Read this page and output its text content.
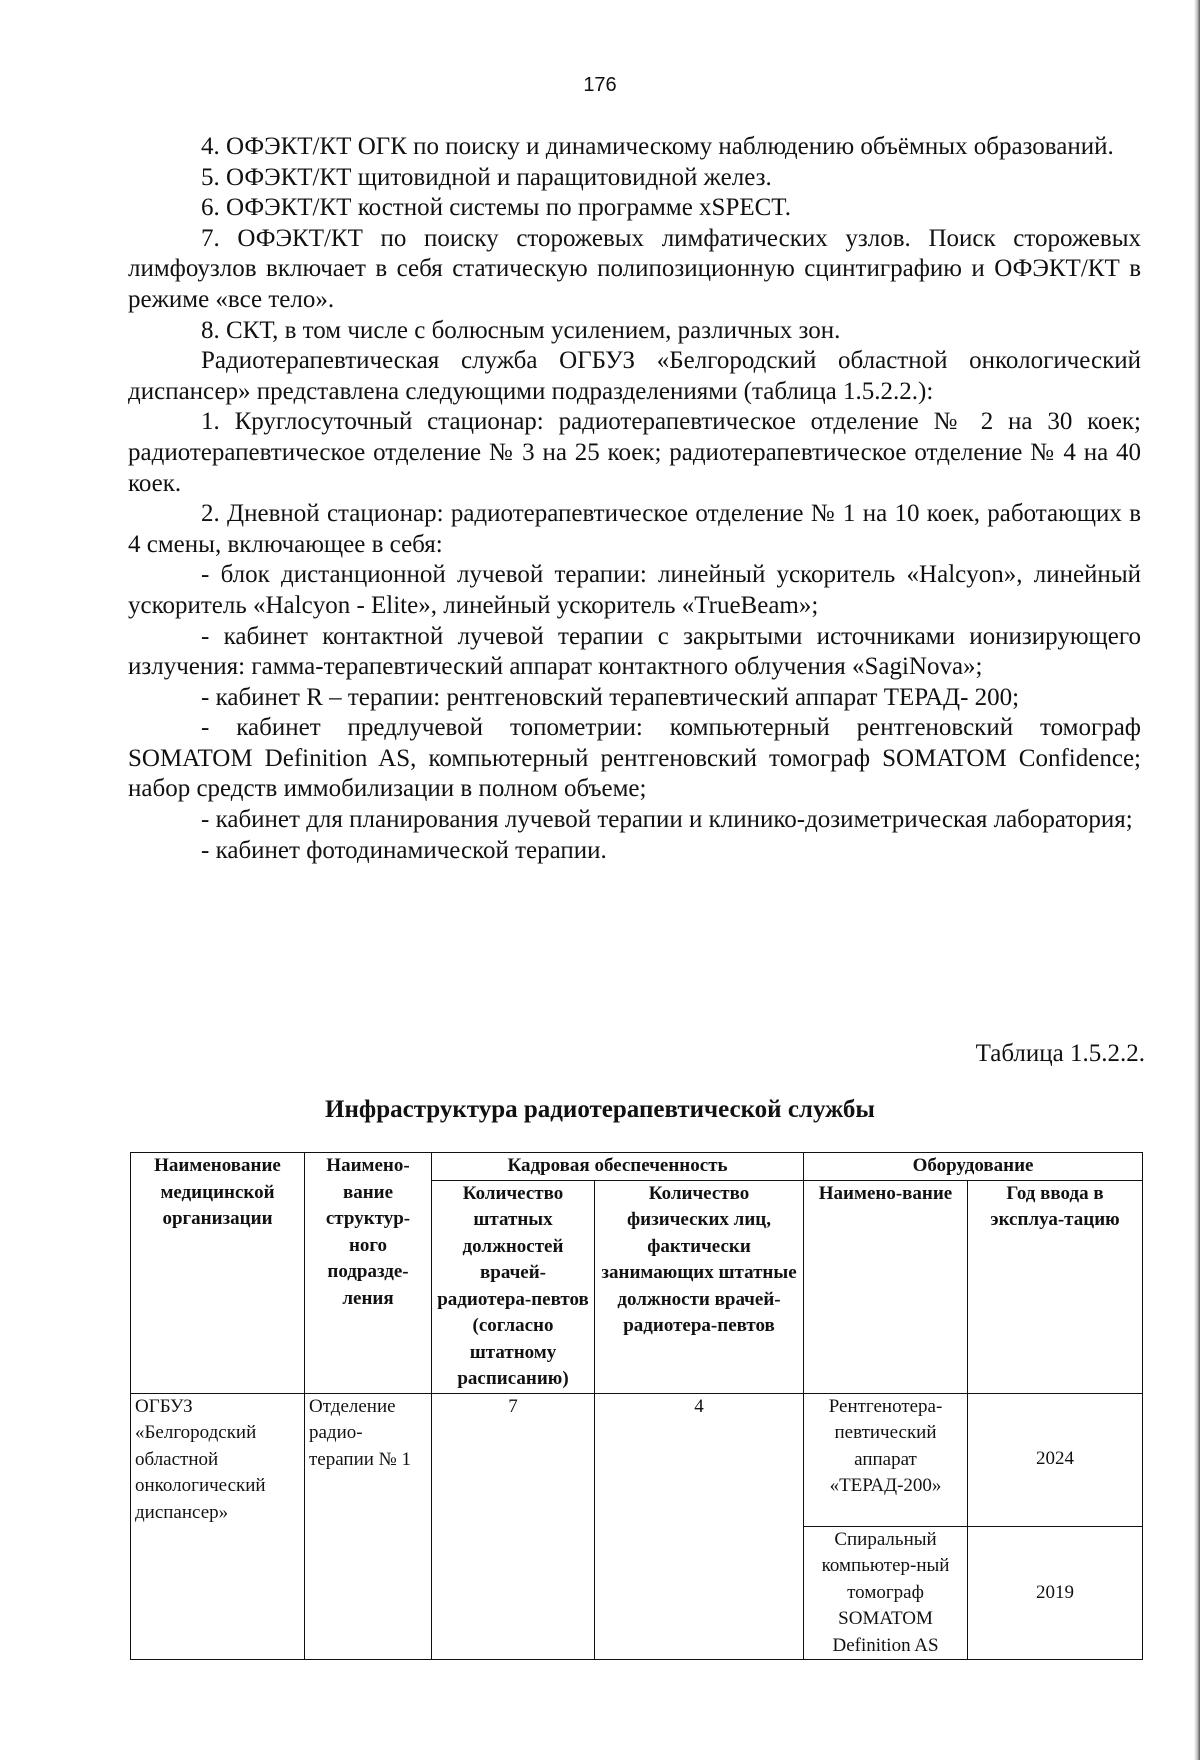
176

4. ОФЭКТ/КТ ОГК по поиску и динамическому наблюдению объёмных образований.

5. ОФЭКТ/КТ щитовидной и паращитовидной желез.

6. ОФЭКТ/КТ костной системы по программе xSPECT.

7. ОФЭКТ/КТ по поиску сторожевых лимфатических узлов. Поиск сторожевых лимфоузлов включает в себя статическую полипозиционную сцинтиграфию и ОФЭКТ/КТ в режиме «все тело».

8. СКТ, в том числе с болюсным усилением, различных зон.

Радиотерапевтическая служба ОГБУЗ «Белгородский областной онкологический диспансер» представлена следующими подразделениями (таблица 1.5.2.2.):

1. Круглосуточный стационар: радиотерапевтическое отделение № 2 на 30 коек; радиотерапевтическое отделение № 3 на 25 коек; радиотерапевтическое отделение № 4 на 40 коек.

2. Дневной стационар: радиотерапевтическое отделение № 1 на 10 коек, работающих в 4 смены, включающее в себя:

- блок дистанционной лучевой терапии: линейный ускоритель «Halcyon», линейный ускоритель «Halcyon - Elite», линейный ускоритель «TrueBeam»;

- кабинет контактной лучевой терапии с закрытыми источниками ионизирующего излучения: гамма-терапевтический аппарат контактного облучения «SagiNova»;

- кабинет R – терапии: рентгеновский терапевтический аппарат ТЕРАД- 200;

- кабинет предлучевой топометрии: компьютерный рентгеновский томограф SOMATOM Definition AS, компьютерный рентгеновский томограф SOMATOM Confidence; набор средств иммобилизации в полном объеме;

- кабинет для планирования лучевой терапии и клинико-дозиметрическая лаборатория;

- кабинет фотодинамической терапии.

Таблица 1.5.2.2.
Инфраструктура радиотерапевтической службы
Наименование медицинской организации	Наимено-вание структур-ного подразде-ления	Кадровая обеспеченность		Оборудование	
		Количество штатных должностей врачей-радиотера-певтов (согласно штатному расписанию)	Количество физических лиц, фактически занимающих штатные должности врачей-радиотера-певтов	Наимено-вание	Год ввода в эксплуа-тацию
ОГБУЗ «Белгородский областной онкологический диспансер»	Отделение радио-терапии № 1	7	4	Рентгенотера-певтический аппарат «ТЕРАД-200»	2024
				Спиральный компьютер-ный томограф SOMATOM Definition AS	2019
